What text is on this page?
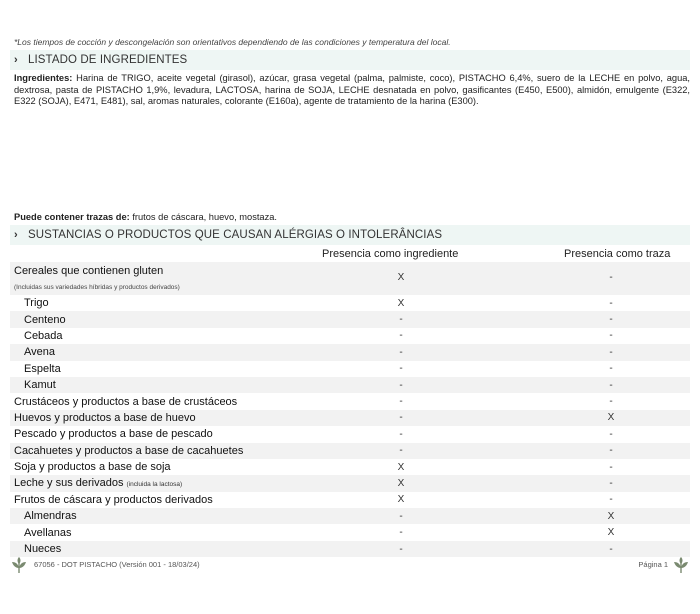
*Los tiempos de cocción y descongelación son orientativos dependiendo de las condiciones y temperatura del local.
› LISTADO DE INGREDIENTES
Ingredientes: Harina de TRIGO, aceite vegetal (girasol), azúcar, grasa vegetal (palma, palmiste, coco), PISTACHO 6,4%, suero de la LECHE en polvo, agua, dextrosa, pasta de PISTACHO 1,9%, levadura, LACTOSA, harina de SOJA, LECHE desnatada en polvo, gasificantes (E450, E500), almidón, emulgente (E322, E322 (SOJA), E471, E481), sal, aromas naturales, colorante (E160a), agente de tratamiento de la harina (E300).
Puede contener trazas de: frutos de cáscara, huevo, mostaza.
› SUSTANCIAS O PRODUCTOS QUE CAUSAN ALÉRGIAS O INTOLERÂNCIAS
Presencia como ingrediente	Presencia como traza
Cereales que contienen gluten
(Incluidas sus variedades híbridas y productos derivados)
X	-
Trigo	X	-
Centeno	-	-
Cebada	-	-
Avena	-	-
Espelta	-	-
Kamut	-	-
Crustáceos y productos a base de crustáceos	-	-
Huevos y productos a base de huevo	-	X
Pescado y productos a base de pescado	-	-
Cacahuetes y productos a base de cacahuetes	-	-
Soja y productos a base de soja	X	-
Leche y sus derivados (incluida la lactosa)	X	-
Frutos de cáscara y productos derivados	X	-
Almendras	-	X
Avellanas	-	X
Nueces	-	-
67056 - DOT PISTACHO (Versión 001 - 18/03/24)	Página 1
